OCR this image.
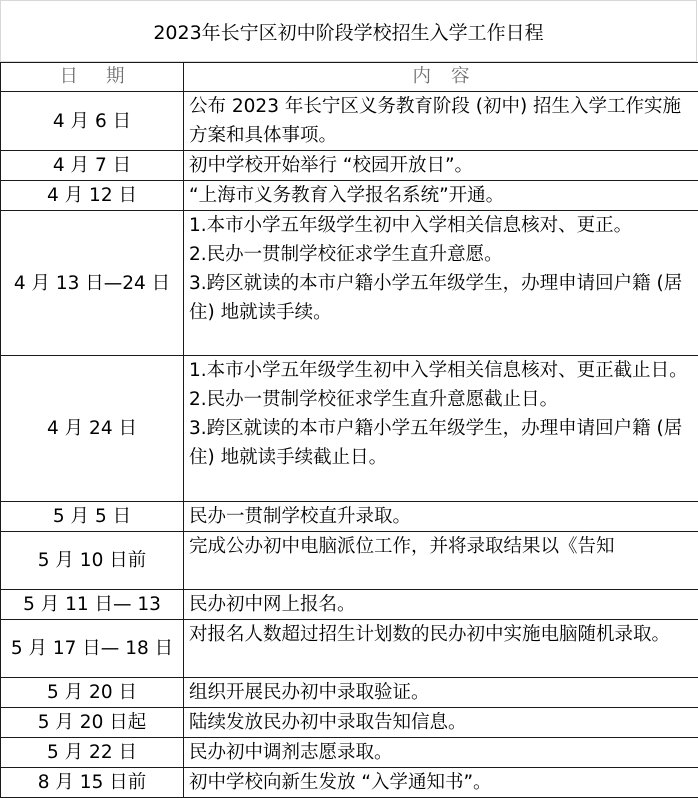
2023年长宁区初中阶段学校招生入学工作日程
日期	内容
4 月 6 日	公布 2023 年长宁区义务教育阶段 (初中) 招生入学工作实施方案和具体事项。

4 月 7 日	初中学校开始举行 “校园开放日”。

4 月 12 日	“上海市义务教育入学报名系统”开通。

4 月 13 日—24 日	1.本市小学五年级学生初中入学相关信息核对、更正。
2.民办一贯制学校征求学生直升意愿。
3.跨区就读的本市户籍小学五年级学生，办理申请回户籍 (居住) 地就读手续。

4 月 24 日	1.本市小学五年级学生初中入学相关信息核对、更正截止日。
2.民办一贯制学校征求学生直升意愿截止日。
3.跨区就读的本市户籍小学五年级学生，办理申请回户籍 (居住) 地就读手续截止日。

5 月 5 日	民办一贯制学校直升录取。

5 月 10 日前	完成公办初中电脑派位工作，并将录取结果以《告知

5 月 11 日— 13	民办初中网上报名。

5 月 17 日— 18 日	对报名人数超过招生计划数的民办初中实施电脑随机录取。

5 月 20 日	组织开展民办初中录取验证。

5 月 20 日起	陆续发放民办初中录取告知信息。

5 月 22 日	民办初中调剂志愿录取。

8 月 15 日前	初中学校向新生发放 “入学通知书”。
